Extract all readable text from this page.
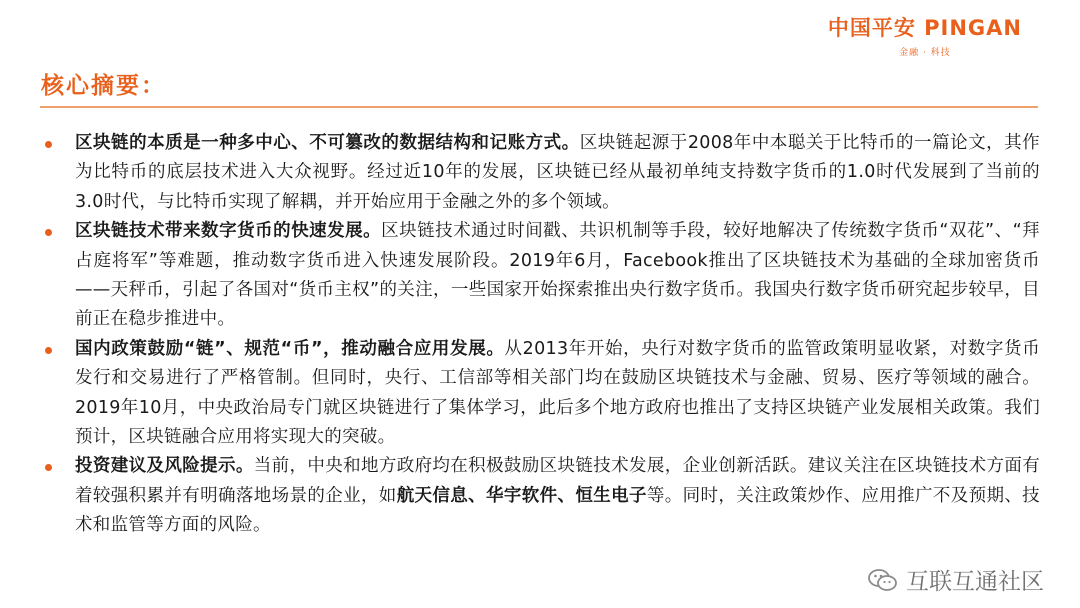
中国平安 PINGAN
金融 · 科技
核心摘要：
区块链的本质是一种多中心、不可篡改的数据结构和记账方式。区块链起源于2008年中本聪关于比特币的一篇论文，其作为比特币的底层技术进入大众视野。经过近10年的发展，区块链已经从最初单纯支持数字货币的1.0时代发展到了当前的3.0时代，与比特币实现了解耦，并开始应用于金融之外的多个领域。
区块链技术带来数字货币的快速发展。区块链技术通过时间戳、共识机制等手段，较好地解决了传统数字货币“双花”、“拜占庭将军”等难题，推动数字货币进入快速发展阶段。2019年6月，Facebook推出了区块链技术为基础的全球加密货币——天秤币，引起了各国对“货币主权”的关注，一些国家开始探索推出央行数字货币。我国央行数字货币研究起步较早，目前正在稳步推进中。
国内政策鼓励“链”、规范“币”，推动融合应用发展。从2013年开始，央行对数字货币的监管政策明显收紧，对数字货币发行和交易进行了严格管制。但同时，央行、工信部等相关部门均在鼓励区块链技术与金融、贸易、医疗等领域的融合。2019年10月，中央政治局专门就区块链进行了集体学习，此后多个地方政府也推出了支持区块链产业发展相关政策。我们预计，区块链融合应用将实现大的突破。
投资建议及风险提示。当前，中央和地方政府均在积极鼓励区块链技术发展，企业创新活跃。建议关注在区块链技术方面有着较强积累并有明确落地场景的企业，如航天信息、华宇软件、恒生电子等。同时，关注政策炒作、应用推广不及预期、技术和监管等方面的风险。
互联互通社区
